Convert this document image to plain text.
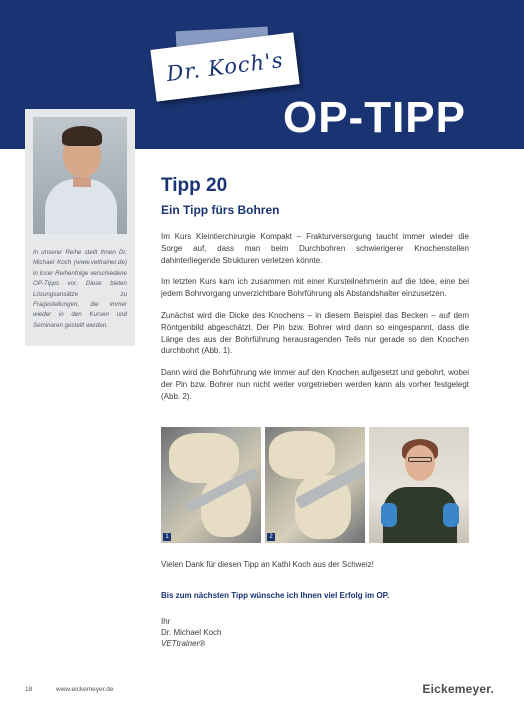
Dr. Koch's
OP-TIPP
In unserer Reihe stellt Ihnen Dr. Michael Koch (www.vettrainer.de) in loser Reihenfolge verschiedene OP-Tipps vor. Diese bieten Lösungsansätze zu Fragestellungen, die immer wieder in den Kursen und Seminaren gestellt werden.
Tipp 20
Ein Tipp fürs Bohren

Im Kurs Kleintierchirurgie Kompakt – Frakturversorgung taucht immer wieder die Sorge auf, dass man beim Durchbohren schwierigerer Knochenstellen dahinterliegende Strukturen verletzen könnte.

Im letzten Kurs kam ich zusammen mit einer Kursteilnehmerin auf die Idee, eine bei jedem Bohrvorgang unverzichtbare Bohrführung als Abstandshalter einzusetzen.

Zunächst wird die Dicke des Knochens – in diesem Beispiel das Becken – auf dem Röntgenbild abgeschätzt. Der Pin bzw. Bohrer wird dann so eingespannt, dass die Länge des aus der Bohrführung herausragenden Teils nur gerade so den Knochen durchbohrt (Abb. 1).

Dann wird die Bohrführung wie immer auf den Knochen aufgesetzt und gebohrt, wobei der Pin bzw. Bohrer nun nicht weiter vorgetrieben werden kann als vorher festgelegt (Abb. 2).

1	2
Vielen Dank für diesen Tipp an Kathi Koch aus der Schweiz!
Bis zum nächsten Tipp wünsche ich Ihnen viel Erfolg im OP.
Ihr
Dr. Michael Koch
VETtrainer®
18	www.eickemeyer.de	Eickemeyer.
